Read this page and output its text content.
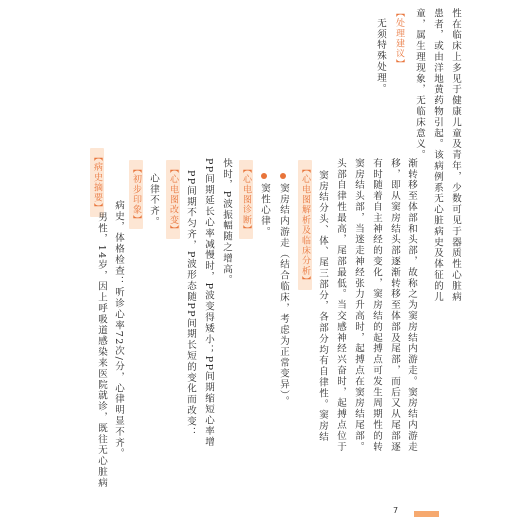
性在临床上多见于健康儿童及青年，少数可见于器质性心脏病
患者，或由洋地黄药物引起。该病例系无心脏病史及体征的儿
童，属生理现象，无临床意义。
【处理建议】
无须特殊处理。
【病史摘要】
男性，14岁，因上呼吸道感染来医院就诊，既往无心脏病 病史，体格检查：听诊心率72次/分，心律明显不齐。
【初步印象】 心律不齐。 【心电图改变】 PP间期不匀齐，P波形态随PP间期长短的变化而改变： PP间期延长心率减慢时，P波变得矮小；PP间期缩短心率增 快时，P波振幅随之增高。 【心电图诊断】 窦性心律。 窦房结内游走（结合临床，考虑为正常变异）。 【心电图解析及临床分析】 窦房结分头、体、尾三部分，各部分均有自律性。窦房结 头部自律性最高，尾部最低。当交感神经兴奋时，起搏点位于 窦房结头部，当迷走神经张力升高时，起搏点在窦房结尾部。 有时随着自主神经的变化，窦房结的起搏点可发生周期性的转 移，即从窦房结头部逐渐转移至体部及尾部，而后又从尾部逐 渐转移至体部和头部，故称之为窦房结内游走。窦房结内游走
7
